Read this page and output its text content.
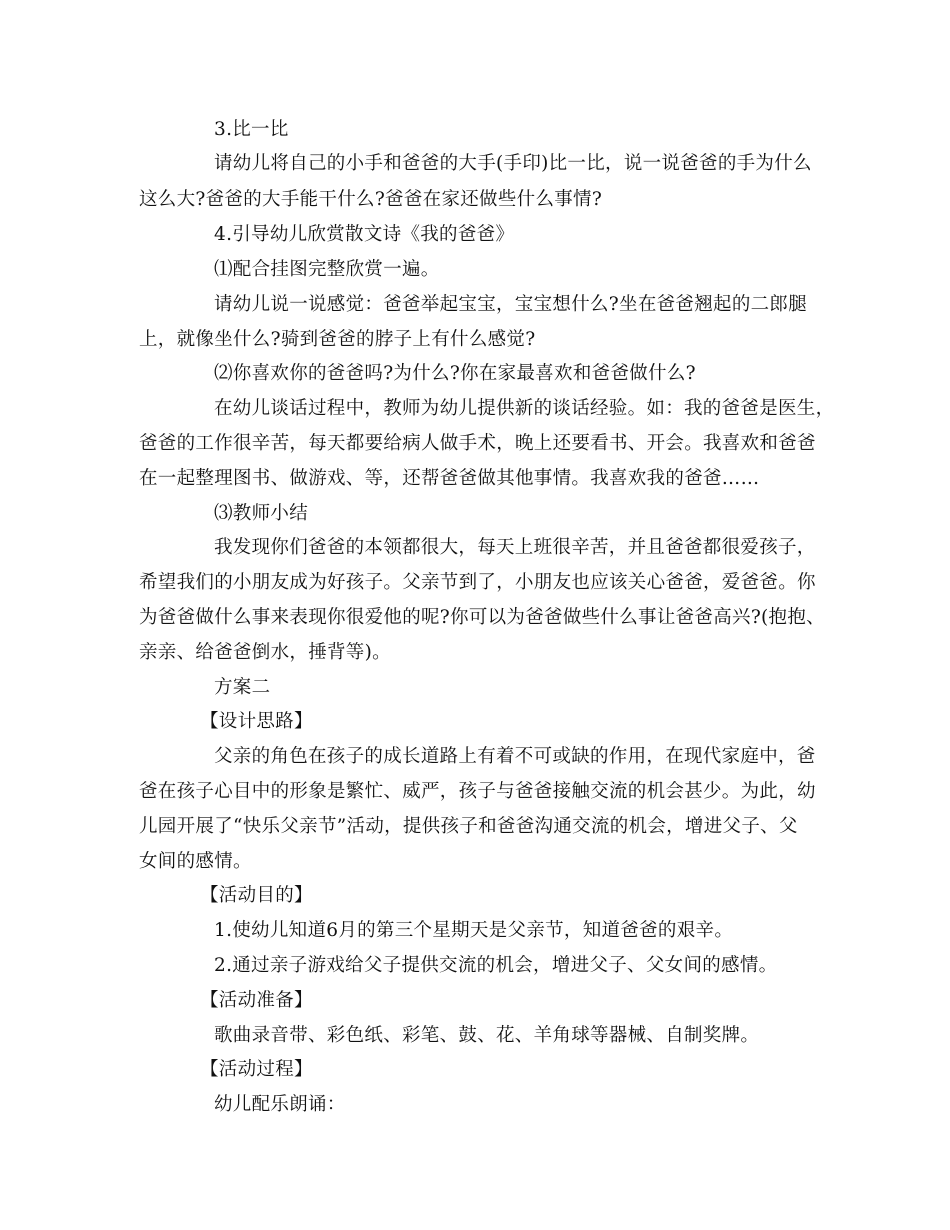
3.比一比
请幼儿将自己的小手和爸爸的大手(手印)比一比，说一说爸爸的手为什么
这么大?爸爸的大手能干什么?爸爸在家还做些什么事情?
4.引导幼儿欣赏散文诗《我的爸爸》
⑴配合挂图完整欣赏一遍。
请幼儿说一说感觉：爸爸举起宝宝，宝宝想什么?坐在爸爸翘起的二郎腿
上，就像坐什么?骑到爸爸的脖子上有什么感觉?
⑵你喜欢你的爸爸吗?为什么?你在家最喜欢和爸爸做什么?
在幼儿谈话过程中，教师为幼儿提供新的谈话经验。如：我的爸爸是医生，
爸爸的工作很辛苦，每天都要给病人做手术，晚上还要看书、开会。我喜欢和爸爸
在一起整理图书、做游戏、等，还帮爸爸做其他事情。我喜欢我的爸爸……
⑶教师小结
我发现你们爸爸的本领都很大，每天上班很辛苦，并且爸爸都很爱孩子，
希望我们的小朋友成为好孩子。父亲节到了，小朋友也应该关心爸爸，爱爸爸。你
为爸爸做什么事来表现你很爱他的呢?你可以为爸爸做些什么事让爸爸高兴?(抱抱、
亲亲、给爸爸倒水，捶背等)。
方案二
【设计思路】
父亲的角色在孩子的成长道路上有着不可或缺的作用，在现代家庭中，爸
爸在孩子心目中的形象是繁忙、威严，孩子与爸爸接触交流的机会甚少。为此，幼
儿园开展了“快乐父亲节”活动，提供孩子和爸爸沟通交流的机会，增进父子、父
女间的感情。
【活动目的】
1.使幼儿知道6月的第三个星期天是父亲节，知道爸爸的艰辛。
2.通过亲子游戏给父子提供交流的机会，增进父子、父女间的感情。
【活动准备】
歌曲录音带、彩色纸、彩笔、鼓、花、羊角球等器械、自制奖牌。
【活动过程】
幼儿配乐朗诵：
